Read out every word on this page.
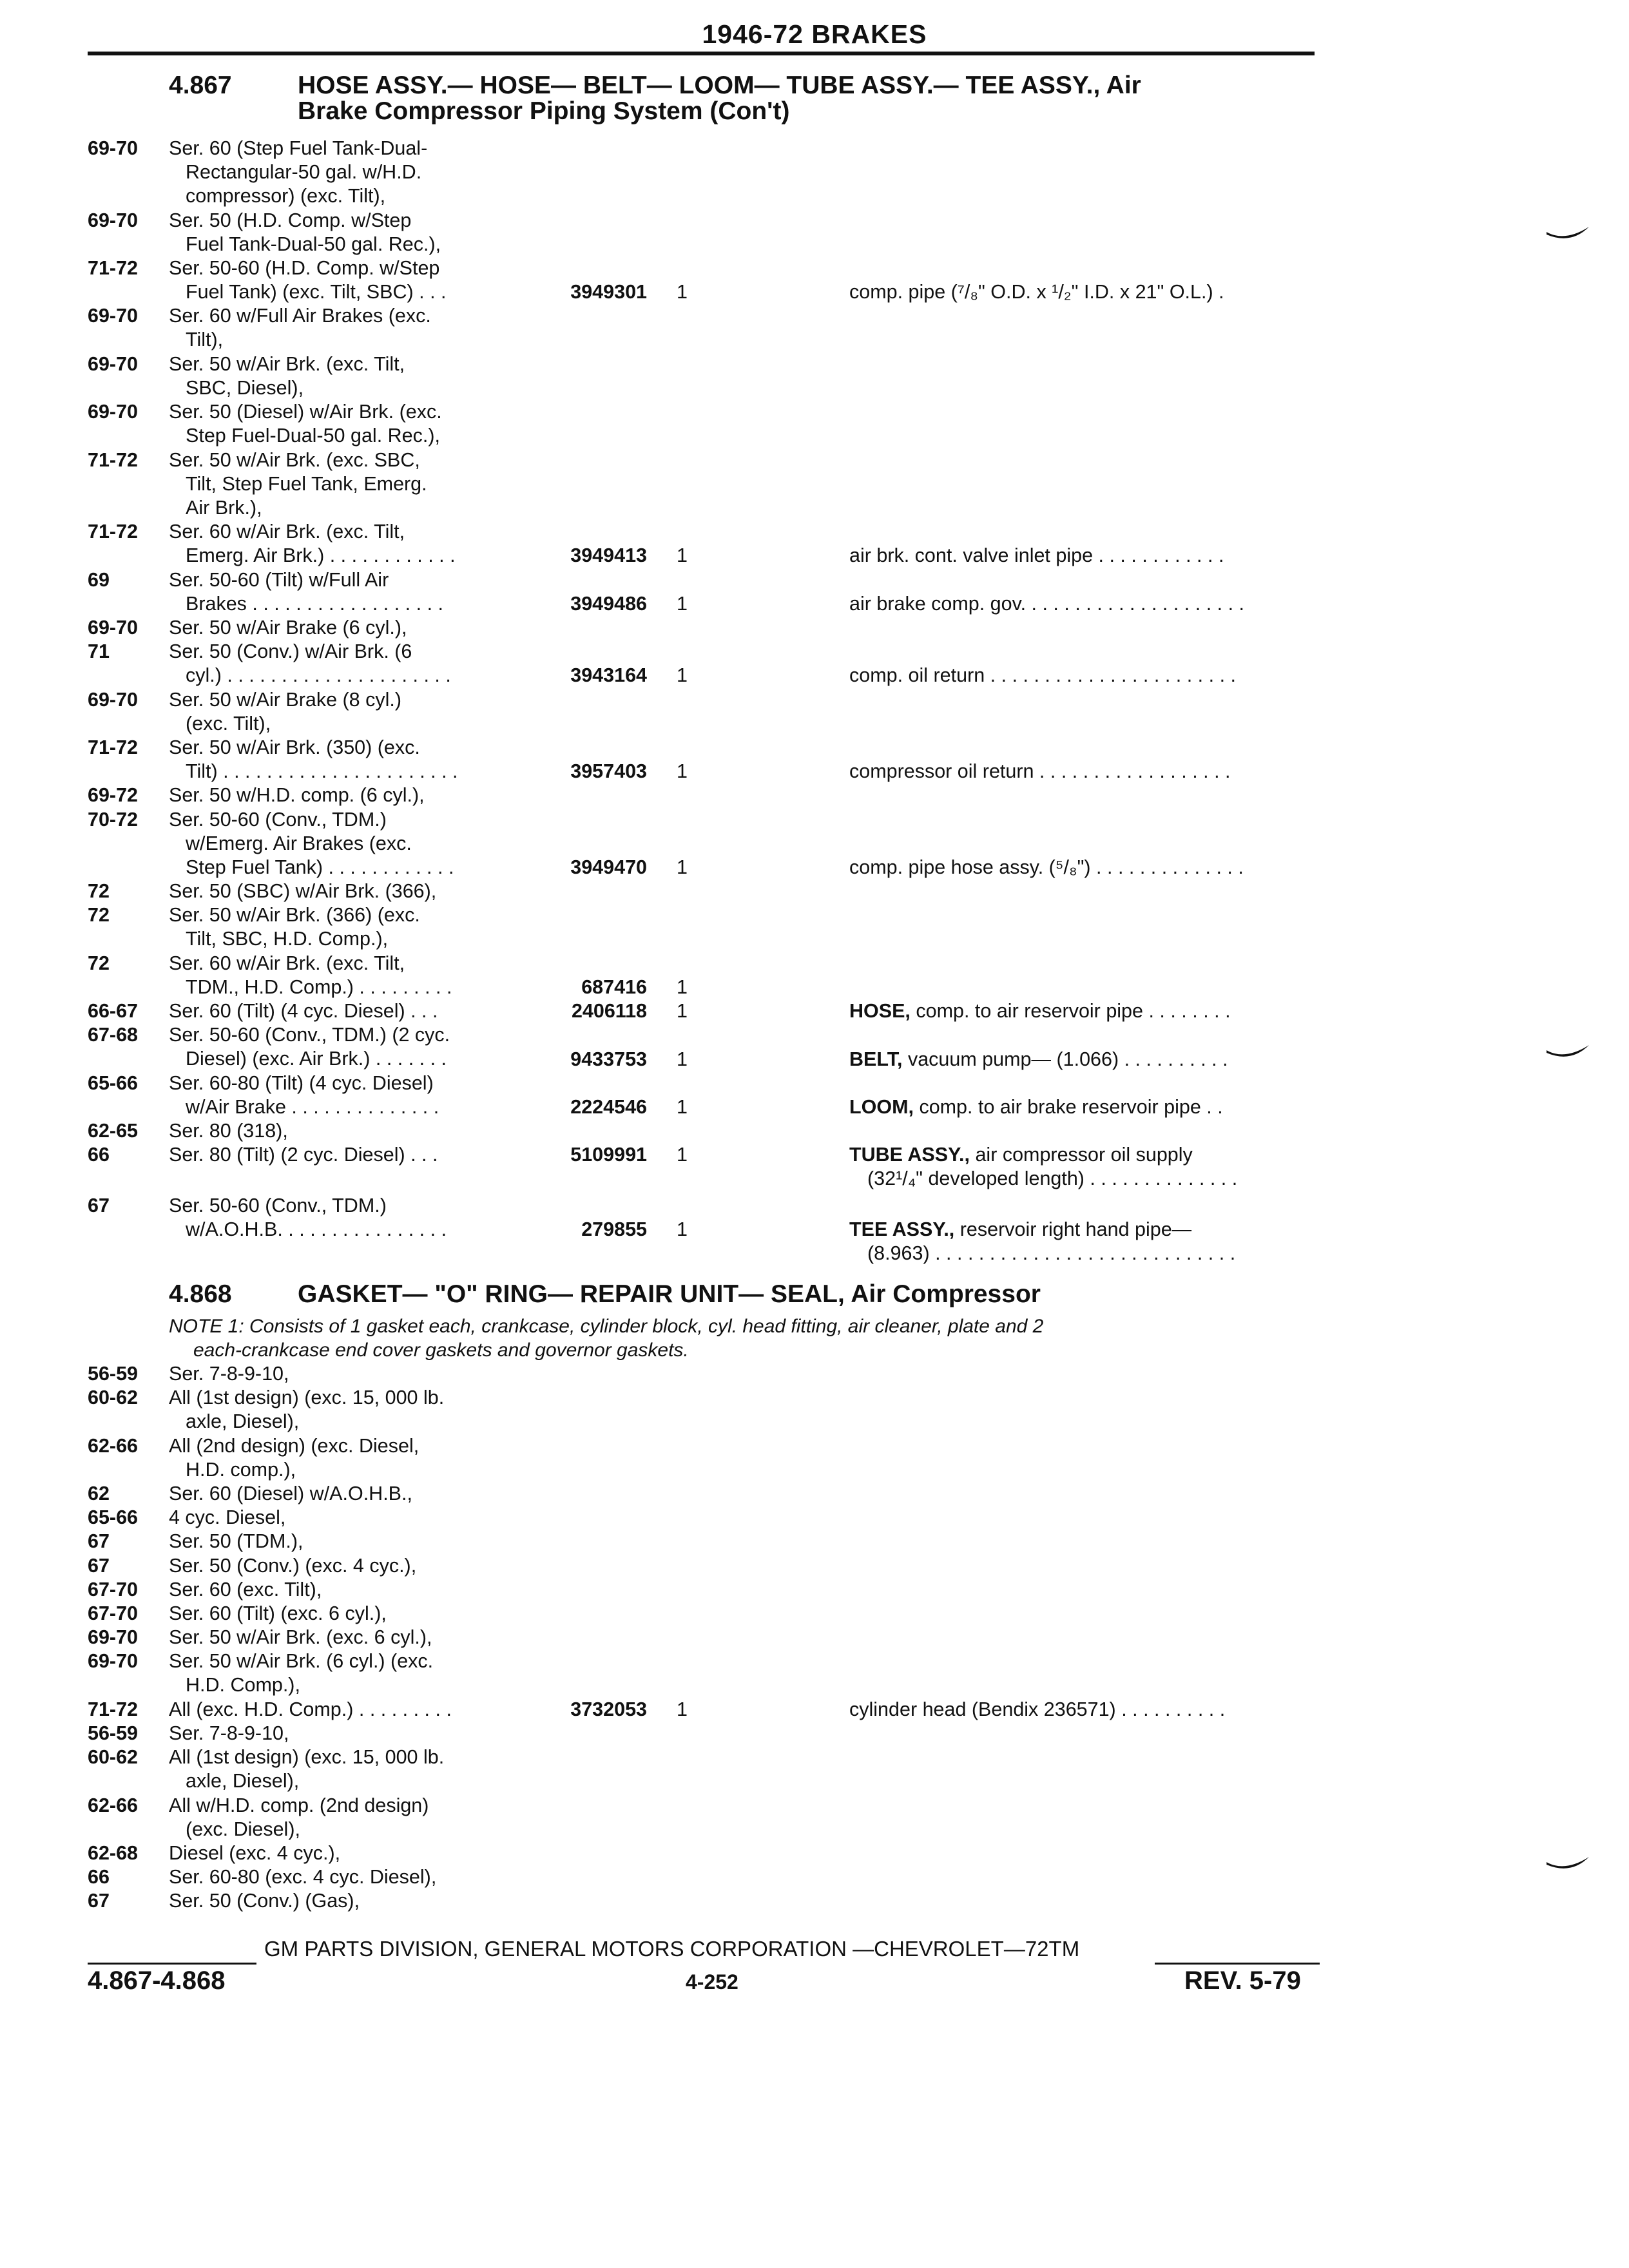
1946-72 BRAKES
4.867	HOSE ASSY.— HOSE— BELT— LOOM— TUBE ASSY.— TEE ASSY., Air
Brake Compressor Piping System (Con't)
4.868	GASKET— "O" RING— REPAIR UNIT— SEAL, Air Compressor
NOTE 1: Consists of 1 gasket each, crankcase, cylinder block, cyl. head fitting, air cleaner, plate and 2
each-crankcase end cover gaskets and governor gaskets.
69-70 Ser. 60 (Step Fuel Tank-Dual-
Rectangular-50 gal. w/H.D.
compressor) (exc. Tilt),
69-70 Ser. 50 (H.D. Comp. w/Step
Fuel Tank-Dual-50 gal. Rec.),
71-72 Ser. 50-60 (H.D. Comp. w/Step
Fuel Tank) (exc. Tilt, SBC) . . .	3949301 1	comp. pipe (⁷/₈" O.D. x ¹/₂" I.D. x 21" O.L.) .
69-70 Ser. 60 w/Full Air Brakes (exc.
Tilt),
69-70 Ser. 50 w/Air Brk. (exc. Tilt,
SBC, Diesel),
69-70 Ser. 50 (Diesel) w/Air Brk. (exc.
Step Fuel-Dual-50 gal. Rec.),
71-72 Ser. 50 w/Air Brk. (exc. SBC,
Tilt, Step Fuel Tank, Emerg.
Air Brk.),
71-72 Ser. 60 w/Air Brk. (exc. Tilt,
Emerg. Air Brk.) . . . . . . . . . . . .	3949413 1	air brk. cont. valve inlet pipe . . . . . . . . . . . .
69	Ser. 50-60 (Tilt) w/Full Air
Brakes . . . . . . . . . . . . . . . . . .	3949486 1	air brake comp. gov. . . . . . . . . . . . . . . . . . . . .
69-70 Ser. 50 w/Air Brake (6 cyl.),
71	Ser. 50 (Conv.) w/Air Brk. (6
cyl.) . . . . . . . . . . . . . . . . . . . . .	3943164 1	comp. oil return . . . . . . . . . . . . . . . . . . . . . . .
69-70 Ser. 50 w/Air Brake (8 cyl.)
(exc. Tilt),
71-72 Ser. 50 w/Air Brk. (350) (exc.
Tilt) . . . . . . . . . . . . . . . . . . . . . .	3957403 1	compressor oil return . . . . . . . . . . . . . . . . . .
69-72 Ser. 50 w/H.D. comp. (6 cyl.),
70-72 Ser. 50-60 (Conv., TDM.)
w/Emerg. Air Brakes (exc.
Step Fuel Tank) . . . . . . . . . . . .	3949470 1	comp. pipe hose assy. (⁵/₈") . . . . . . . . . . . . . .
72	Ser. 50 (SBC) w/Air Brk. (366),
72	Ser. 50 w/Air Brk. (366) (exc.
Tilt, SBC, H.D. Comp.),
72	Ser. 60 w/Air Brk. (exc. Tilt,
TDM., H.D. Comp.) . . . . . . . . .	687416 1
66-67 Ser. 60 (Tilt) (4 cyc. Diesel) . . .	2406118 1	HOSE, comp. to air reservoir pipe . . . . . . . .
67-68 Ser. 50-60 (Conv., TDM.) (2 cyc.
Diesel) (exc. Air Brk.) . . . . . . .	9433753 1	BELT, vacuum pump— (1.066) . . . . . . . . . .
65-66 Ser. 60-80 (Tilt) (4 cyc. Diesel)
w/Air Brake . . . . . . . . . . . . . .	2224546 1	LOOM, comp. to air brake reservoir pipe . .
62-65 Ser. 80 (318),
66	Ser. 80 (Tilt) (2 cyc. Diesel) . . .	5109991 1	TUBE ASSY., air compressor oil supply
(32¹/₄" developed length) . . . . . . . . . . . . . .
67	Ser. 50-60 (Conv., TDM.)
w/A.O.H.B. . . . . . . . . . . . . . . .	279855 1	TEE ASSY., reservoir right hand pipe—
(8.963) . . . . . . . . . . . . . . . . . . . . . . . . . . . .
56-59 Ser. 7-8-9-10,
60-62 All (1st design) (exc. 15, 000 lb.
axle, Diesel),
62-66 All (2nd design) (exc. Diesel,
H.D. comp.),
62	Ser. 60 (Diesel) w/A.O.H.B.,
65-66 4 cyc. Diesel,
67	Ser. 50 (TDM.),
67	Ser. 50 (Conv.) (exc. 4 cyc.),
67-70 Ser. 60 (exc. Tilt),
67-70 Ser. 60 (Tilt) (exc. 6 cyl.),
69-70 Ser. 50 w/Air Brk. (exc. 6 cyl.),
69-70 Ser. 50 w/Air Brk. (6 cyl.) (exc.
H.D. Comp.),
71-72 All (exc. H.D. Comp.) . . . . . . . . .	3732053 1	cylinder head (Bendix 236571) . . . . . . . . . .
56-59 Ser. 7-8-9-10,
60-62 All (1st design) (exc. 15, 000 lb.
axle, Diesel),
62-66 All w/H.D. comp. (2nd design)
(exc. Diesel),
62-68 Diesel (exc. 4 cyc.),
66	Ser. 60-80 (exc. 4 cyc. Diesel),
67	Ser. 50 (Conv.) (Gas),
GM PARTS DIVISION, GENERAL MOTORS CORPORATION —CHEVROLET—72TM
4.867-4.868	4-252	REV. 5-79
